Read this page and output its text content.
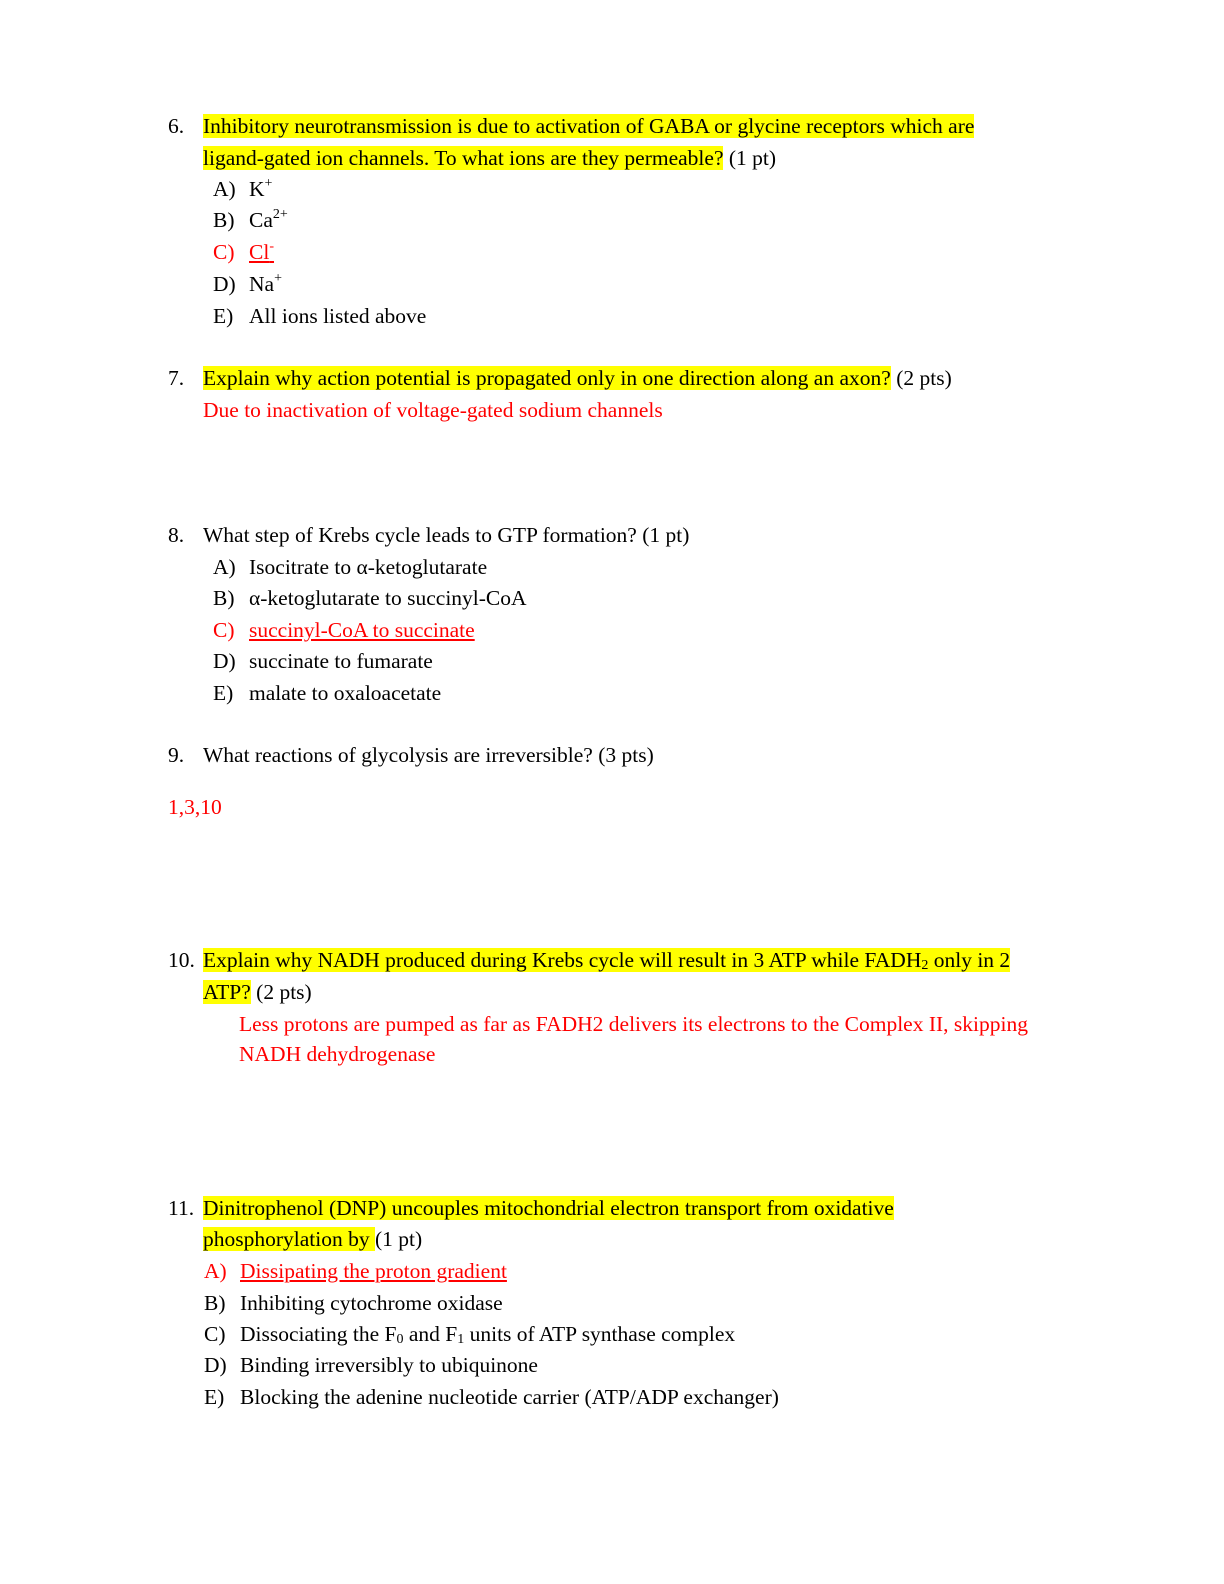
6. Inhibitory neurotransmission is due to activation of GABA or glycine receptors which are
ligand-gated ion channels. To what ions are they permeable? (1 pt)
A) K+
B) $Ca^{2+}$
C) Cl-
D) Na+
E) All ions listed above
7. Explain why action potential is propagated only in one direction along an axon? (2 pts)
Due to inactivation of voltage-gated sodium channels
8. What step of Krebs cycle leads to GTP formation? (1 pt)
A) Isocitrate to α-ketoglutarate
B) α-ketoglutarate to succinyl-CoA
C) succinyl-CoA to succinate
D) succinate to fumarate
E) malate to oxaloacetate
9. What reactions of glycolysis are irreversible? (3 pts)
1,3,10
10. Explain why NADH produced during Krebs cycle will result in 3 ATP while $FADH_2$ only in 2
ATP? (2 pts)
Less protons are pumped as far as FADH2 delivers its electrons to the Complex II, skipping
NADH dehydrogenase
11. Dinitrophenol (DNP) uncouples mitochondrial electron transport from oxidative
phosphorylation by (1 pt)
A) Dissipating the proton gradient
B) Inhibiting cytochrome oxidase
C) Dissociating the $F_0$ and $F_1$ units of ATP synthase complex
D) Binding irreversibly to ubiquinone
E) Blocking the adenine nucleotide carrier (ATP/ADP exchanger)
